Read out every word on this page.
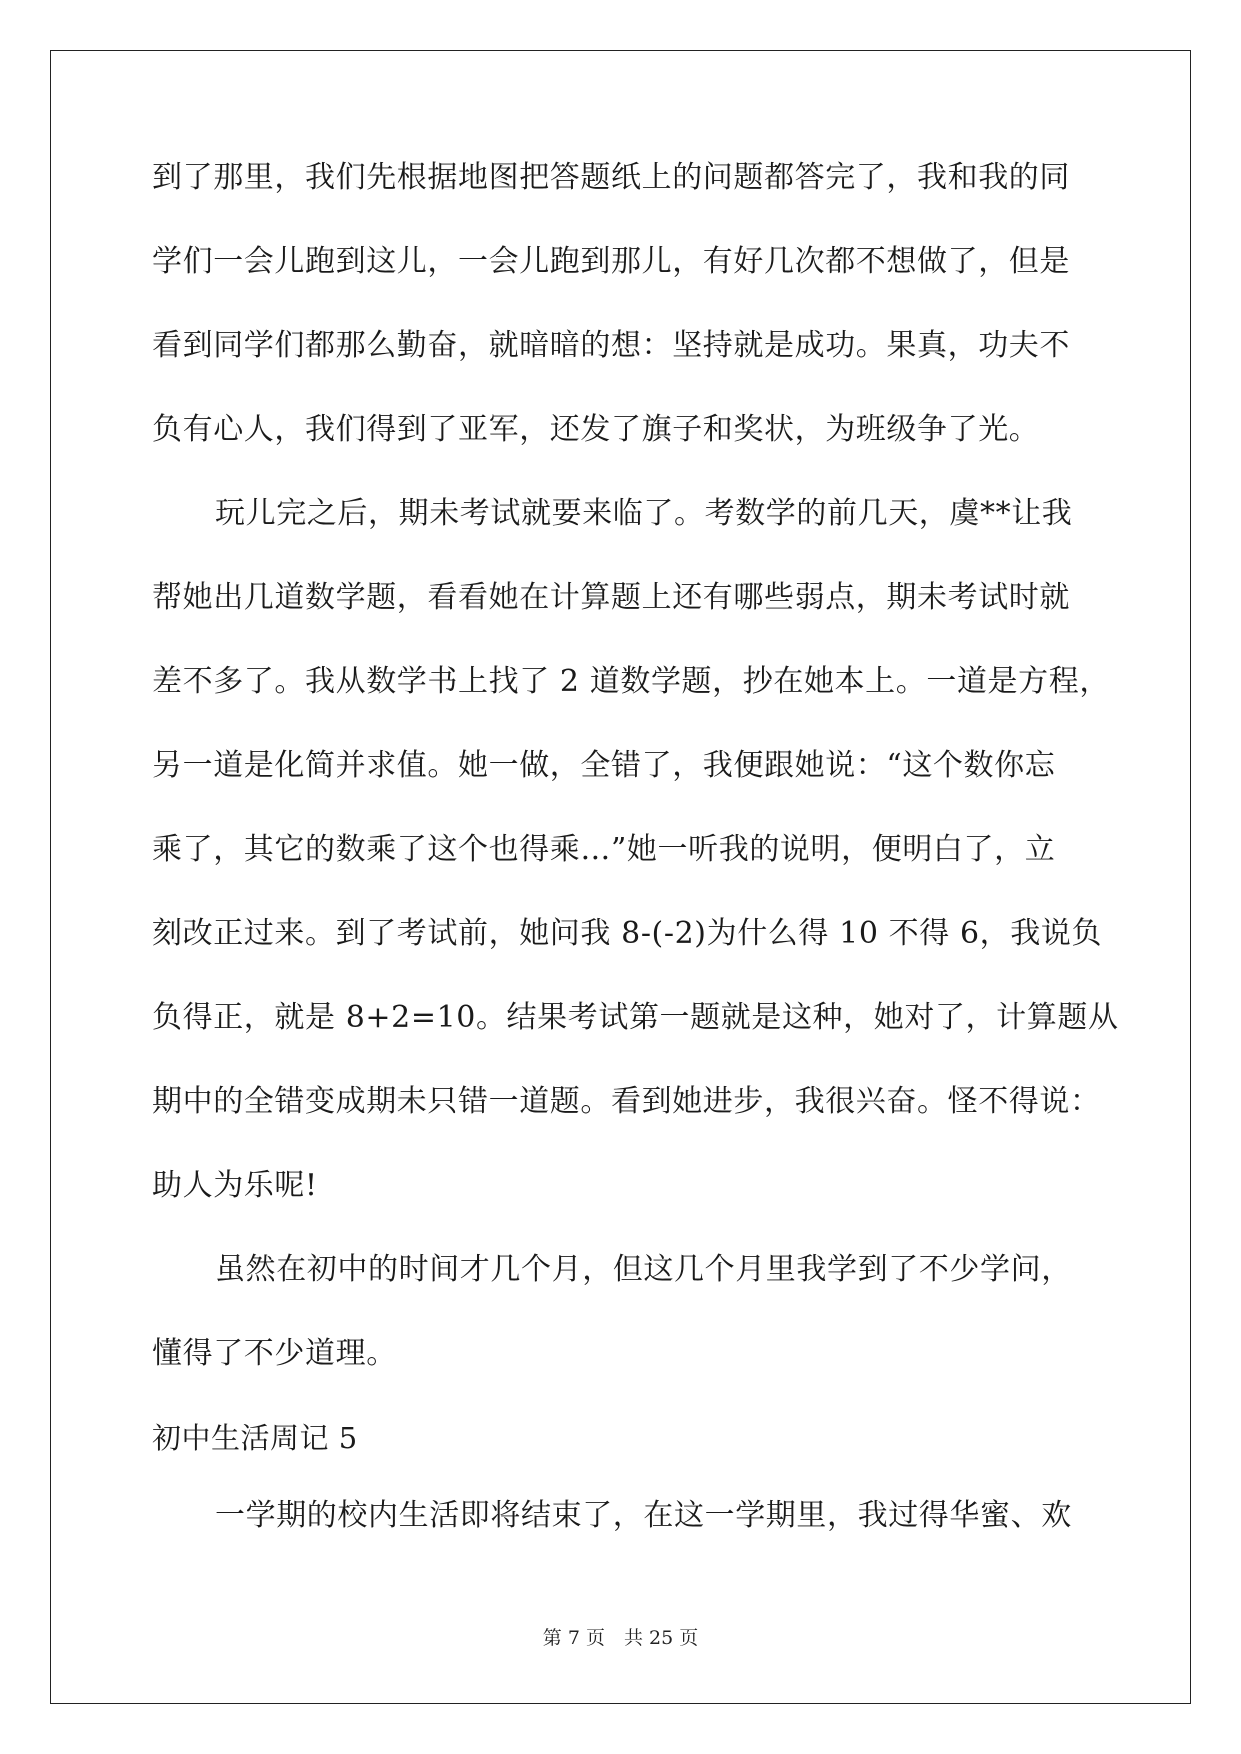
到了那里，我们先根据地图把答题纸上的问题都答完了，我和我的同
学们一会儿跑到这儿，一会儿跑到那儿，有好几次都不想做了，但是
看到同学们都那么勤奋，就暗暗的想：坚持就是成功。果真，功夫不
负有心人，我们得到了亚军，还发了旗子和奖状，为班级争了光。
玩儿完之后，期未考试就要来临了。考数学的前几天，虞**让我
帮她出几道数学题，看看她在计算题上还有哪些弱点，期未考试时就
差不多了。我从数学书上找了 2 道数学题，抄在她本上。一道是方程，
另一道是化简并求值。她一做，全错了，我便跟她说：“这个数你忘
乘了，其它的数乘了这个也得乘…”她一听我的说明，便明白了，立
刻改正过来。到了考试前，她问我 8-(-2)为什么得 10 不得 6，我说负
负得正，就是 8+2=10。结果考试第一题就是这种，她对了，计算题从
期中的全错变成期未只错一道题。看到她进步，我很兴奋。怪不得说：
助人为乐呢!
虽然在初中的时间才几个月，但这几个月里我学到了不少学问，
懂得了不少道理。
初中生活周记 5
一学期的校内生活即将结束了，在这一学期里，我过得华蜜、欢
第 7 页　共 25 页
